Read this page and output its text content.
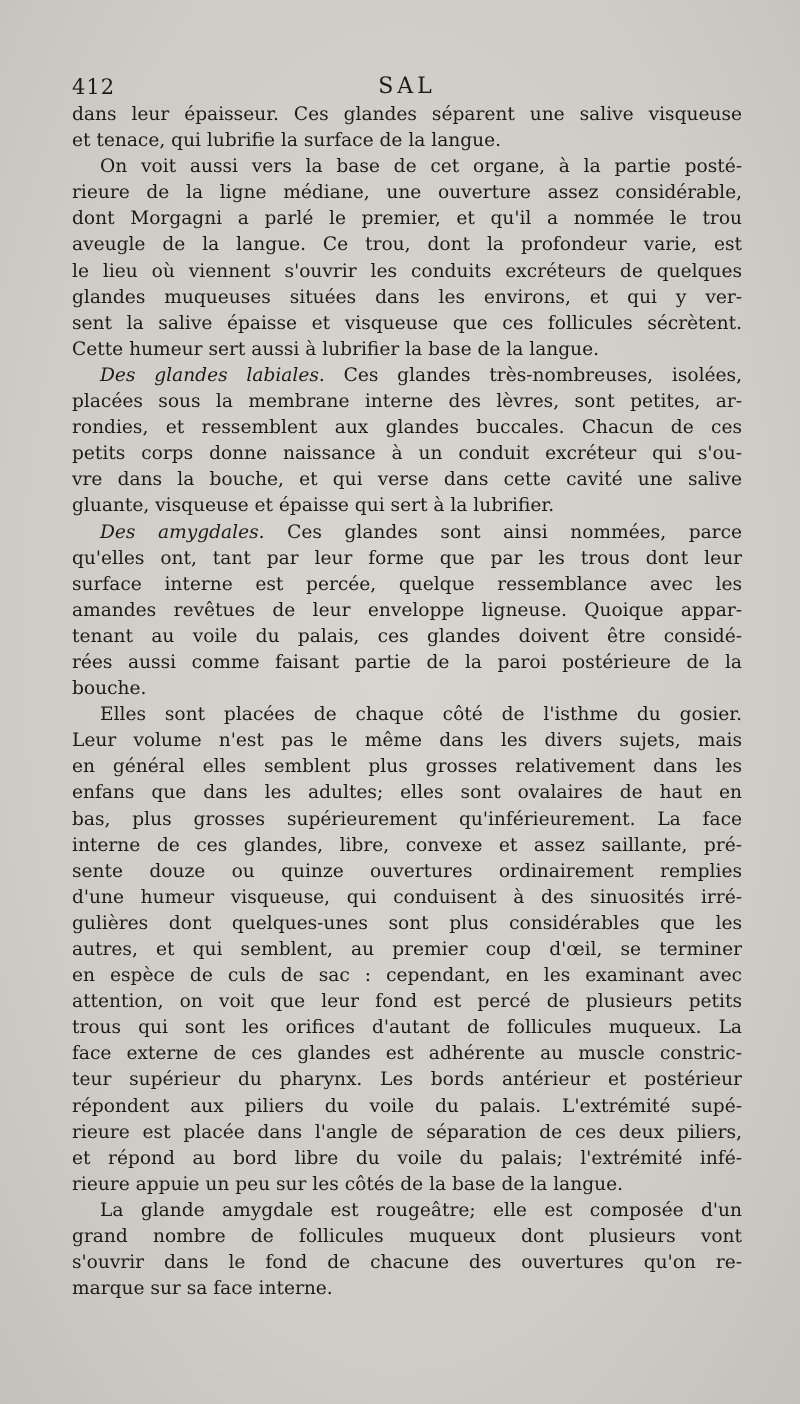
412	SAL
dans leur épaisseur. Ces glandes séparent une salive visqueuse
et tenace, qui lubrifie la surface de la langue.
On voit aussi vers la base de cet organe, à la partie posté-
rieure de la ligne médiane, une ouverture assez considérable,
dont Morgagni a parlé le premier, et qu'il a nommée le trou
aveugle de la langue. Ce trou, dont la profondeur varie, est
le lieu où viennent s'ouvrir les conduits excréteurs de quelques
glandes muqueuses situées dans les environs, et qui y ver-
sent la salive épaisse et visqueuse que ces follicules sécrètent.
Cette humeur sert aussi à lubrifier la base de la langue.
Des glandes labiales. Ces glandes très-nombreuses, isolées,
placées sous la membrane interne des lèvres, sont petites, ar-
rondies, et ressemblent aux glandes buccales. Chacun de ces
petits corps donne naissance à un conduit excréteur qui s'ou-
vre dans la bouche, et qui verse dans cette cavité une salive
gluante, visqueuse et épaisse qui sert à la lubrifier.
Des amygdales. Ces glandes sont ainsi nommées, parce
qu'elles ont, tant par leur forme que par les trous dont leur
surface interne est percée, quelque ressemblance avec les
amandes revêtues de leur enveloppe ligneuse. Quoique appar-
tenant au voile du palais, ces glandes doivent être considé-
rées aussi comme faisant partie de la paroi postérieure de la
bouche.
Elles sont placées de chaque côté de l'isthme du gosier.
Leur volume n'est pas le même dans les divers sujets, mais
en général elles semblent plus grosses relativement dans les
enfans que dans les adultes; elles sont ovalaires de haut en
bas, plus grosses supérieurement qu'inférieurement. La face
interne de ces glandes, libre, convexe et assez saillante, pré-
sente douze ou quinze ouvertures ordinairement remplies
d'une humeur visqueuse, qui conduisent à des sinuosités irré-
gulières dont quelques-unes sont plus considérables que les
autres, et qui semblent, au premier coup d'œil, se terminer
en espèce de culs de sac : cependant, en les examinant avec
attention, on voit que leur fond est percé de plusieurs petits
trous qui sont les orifices d'autant de follicules muqueux. La
face externe de ces glandes est adhérente au muscle constric-
teur supérieur du pharynx. Les bords antérieur et postérieur
répondent aux piliers du voile du palais. L'extrémité supé-
rieure est placée dans l'angle de séparation de ces deux piliers,
et répond au bord libre du voile du palais; l'extrémité infé-
rieure appuie un peu sur les côtés de la base de la langue.
La glande amygdale est rougeâtre; elle est composée d'un
grand nombre de follicules muqueux dont plusieurs vont
s'ouvrir dans le fond de chacune des ouvertures qu'on re-
marque sur sa face interne.
